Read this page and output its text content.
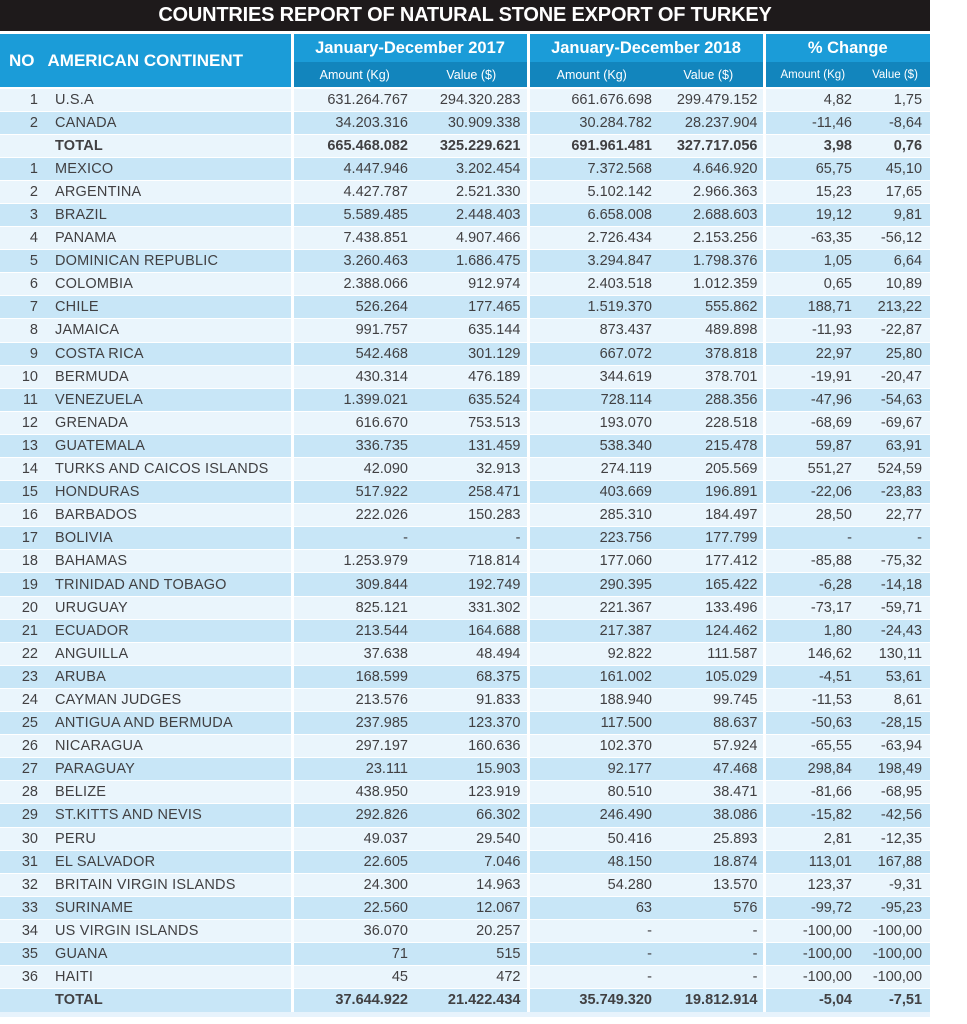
COUNTRIES REPORT OF NATURAL STONE EXPORT OF TURKEY
NO AMERICAN CONTINENT		January-December 2017		January-December 2018		% Change	
		Amount (Kg)	Value ($)	Amount (Kg)	Value ($)	Amount (Kg)	Value ($)
1	U.S.A	631.264.767	294.320.283	661.676.698	299.479.152	4,82	1,75
2	CANADA	34.203.316	30.909.338	30.284.782	28.237.904	-11,46	-8,64
	TOTAL	665.468.082	325.229.621	691.961.481	327.717.056	3,98	0,76
1	MEXICO	4.447.946	3.202.454	7.372.568	4.646.920	65,75	45,10
2	ARGENTINA	4.427.787	2.521.330	5.102.142	2.966.363	15,23	17,65
3	BRAZIL	5.589.485	2.448.403	6.658.008	2.688.603	19,12	9,81
4	PANAMA	7.438.851	4.907.466	2.726.434	2.153.256	-63,35	-56,12
5	DOMINICAN REPUBLIC	3.260.463	1.686.475	3.294.847	1.798.376	1,05	6,64
6	COLOMBIA	2.388.066	912.974	2.403.518	1.012.359	0,65	10,89
7	CHILE	526.264	177.465	1.519.370	555.862	188,71	213,22
8	JAMAICA	991.757	635.144	873.437	489.898	-11,93	-22,87
9	COSTA RICA	542.468	301.129	667.072	378.818	22,97	25,80
10	BERMUDA	430.314	476.189	344.619	378.701	-19,91	-20,47
11	VENEZUELA	1.399.021	635.524	728.114	288.356	-47,96	-54,63
12	GRENADA	616.670	753.513	193.070	228.518	-68,69	-69,67
13	GUATEMALA	336.735	131.459	538.340	215.478	59,87	63,91
14	TURKS AND CAICOS ISLANDS	42.090	32.913	274.119	205.569	551,27	524,59
15	HONDURAS	517.922	258.471	403.669	196.891	-22,06	-23,83
16	BARBADOS	222.026	150.283	285.310	184.497	28,50	22,77
17	BOLIVIA	-	-	223.756	177.799	-	-
18	BAHAMAS	1.253.979	718.814	177.060	177.412	-85,88	-75,32
19	TRINIDAD AND TOBAGO	309.844	192.749	290.395	165.422	-6,28	-14,18
20	URUGUAY	825.121	331.302	221.367	133.496	-73,17	-59,71
21	ECUADOR	213.544	164.688	217.387	124.462	1,80	-24,43
22	ANGUILLA	37.638	48.494	92.822	111.587	146,62	130,11
23	ARUBA	168.599	68.375	161.002	105.029	-4,51	53,61
24	CAYMAN JUDGES	213.576	91.833	188.940	99.745	-11,53	8,61
25	ANTIGUA AND BERMUDA	237.985	123.370	117.500	88.637	-50,63	-28,15
26	NICARAGUA	297.197	160.636	102.370	57.924	-65,55	-63,94
27	PARAGUAY	23.111	15.903	92.177	47.468	298,84	198,49
28	BELIZE	438.950	123.919	80.510	38.471	-81,66	-68,95
29	ST.KITTS AND NEVIS	292.826	66.302	246.490	38.086	-15,82	-42,56
30	PERU	49.037	29.540	50.416	25.893	2,81	-12,35
31	EL SALVADOR	22.605	7.046	48.150	18.874	113,01	167,88
32	BRITAIN VIRGIN ISLANDS	24.300	14.963	54.280	13.570	123,37	-9,31
33	SURINAME	22.560	12.067	63	576	-99,72	-95,23
34	US VIRGIN ISLANDS	36.070	20.257	-	-	-100,00	-100,00
35	GUANA	71	515	-	-	-100,00	-100,00
36	HAITI	45	472	-	-	-100,00	-100,00
	TOTAL	37.644.922	21.422.434	35.749.320	19.812.914	-5,04	-7,51
